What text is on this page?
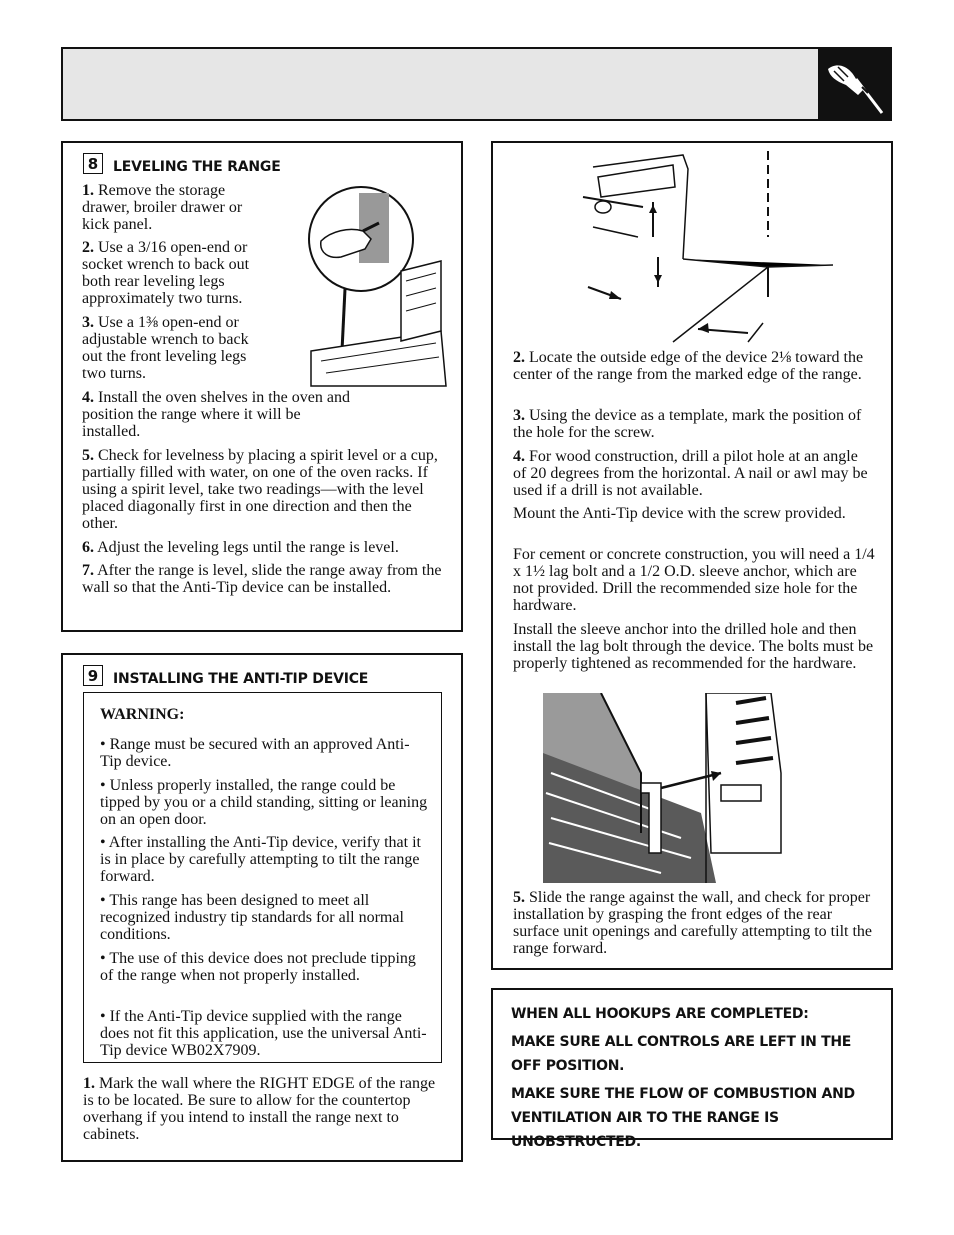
8	LEVELING THE RANGE

1. Remove the storage drawer, broiler drawer or kick panel.

2. Use a 3/16 open-end or socket wrench to back out both rear leveling legs approximately two turns.

3. Use a 1⅜ open-end or adjustable wrench to back out the front leveling legs two turns.

4. Install the oven shelves in the oven and position the range where it will be installed.

5. Check for levelness by placing a spirit level or a cup, partially filled with water, on one of the oven racks. If using a spirit level, take two readings—with the level placed diagonally first in one direction and then the other.

6. Adjust the leveling legs until the range is level.

7. After the range is level, slide the range away from the wall so that the Anti-Tip device can be installed.

9	INSTALLING THE ANTI-TIP DEVICE

WARNING:

• Range must be secured with an approved Anti-Tip device.

• Unless properly installed, the range could be tipped by you or a child standing, sitting or leaning on an open door.

• After installing the Anti-Tip device, verify that it is in place by carefully attempting to tilt the range forward.

• This range has been designed to meet all recognized industry tip standards for all normal conditions.

• The use of this device does not preclude tipping of the range when not properly installed.

• If the Anti-Tip device supplied with the range does not fit this application, use the universal Anti-Tip device WB02X7909.

1. Mark the wall where the RIGHT EDGE of the range is to be located. Be sure to allow for the countertop overhang if you intend to install the range next to cabinets.

2. Locate the outside edge of the device 2⅛ toward the center of the range from the marked edge of the range.

3. Using the device as a template, mark the position of the hole for the screw.

4. For wood construction, drill a pilot hole at an angle of 20 degrees from the horizontal. A nail or awl may be used if a drill is not available.

Mount the Anti-Tip device with the screw provided.

For cement or concrete construction, you will need a 1/4 x 1½ lag bolt and a 1/2 O.D. sleeve anchor, which are not provided. Drill the recommended size hole for the hardware.

Install the sleeve anchor into the drilled hole and then install the lag bolt through the device. The bolts must be properly tightened as recommended for the hardware.

5. Slide the range against the wall, and check for proper installation by grasping the front edges of the rear surface unit openings and carefully attempting to tilt the range forward.

WHEN ALL HOOKUPS ARE COMPLETED:
MAKE SURE ALL CONTROLS ARE LEFT IN THE OFF POSITION.
MAKE SURE THE FLOW OF COMBUSTION AND VENTILATION AIR TO THE RANGE IS UNOBSTRUCTED.
